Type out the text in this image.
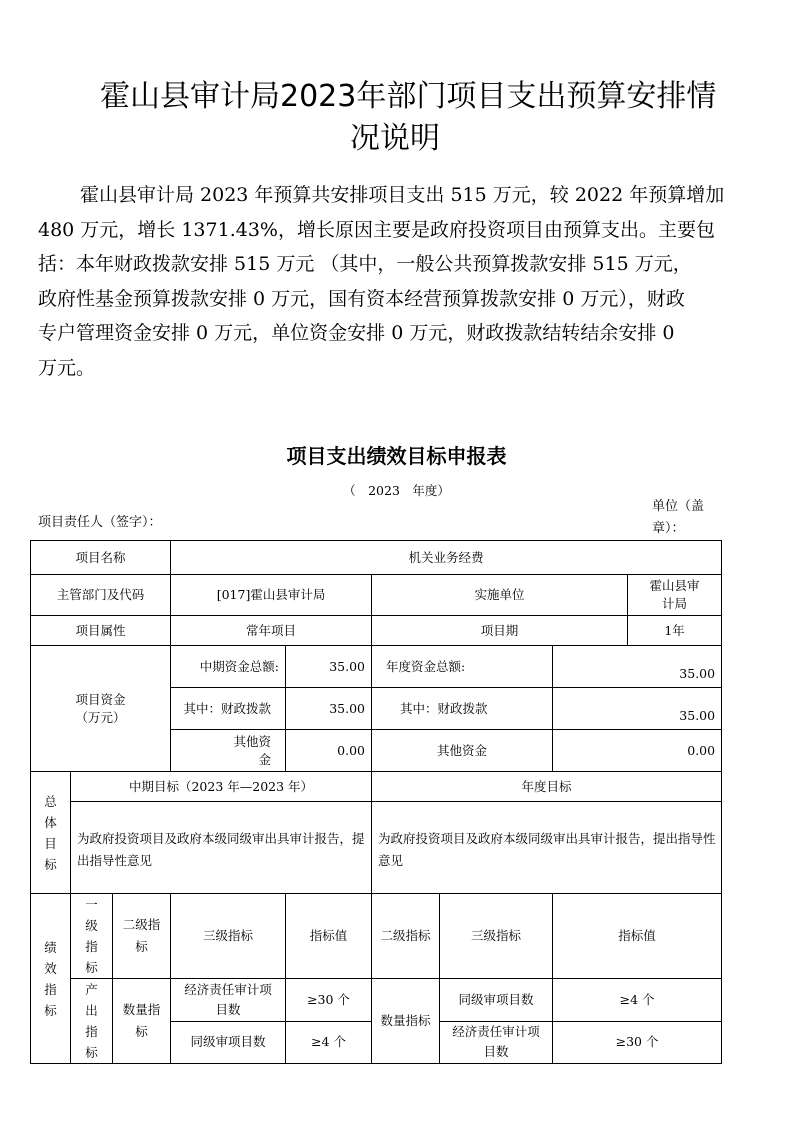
霍山县审计局2023年部门项目支出预算安排情
况说明
霍山县审计局 2023 年预算共安排项目支出 515 万元，较 2022 年预算增加
480 万元，增长 1371.43%，增长原因主要是政府投资项目由预算支出。主要包
括：本年财政拨款安排 515 万元 （其中，一般公共预算拨款安排 515 万元，
政府性基金预算拨款安排 0 万元，国有资本经营预算拨款安排 0 万元），财政
专户管理资金安排 0 万元，单位资金安排 0 万元，财政拨款结转结余安排 0
万元。
项目支出绩效目标申报表
（　2023　年度）
项目责任人（签字）：
单位（盖章）：
项目名称			机关业务经费					
主管部门及代码			[017]霍山县审计局		实施单位			霍山县审计局
项目属性			常年项目		项目期			1年
项目资金（万元）			中期资金总额:	35.00	年度资金总额:		35.00	
			其中：财政拨款	35.00	其中：财政拨款		35.00	
			其他资金	0.00	其他资金		0.00	
总体目标	中期目标（2023 年—2023 年）				年度目标			
	为政府投资项目及政府本级同级审出具审计报告，提出指导性意见				为政府投资项目及政府本级同级审出具审计报告，提出指导性意见			
绩效指标	一级指标	二级指标	三级指标	指标值	二级指标	三级指标	指标值	
	产出指标	数量指标	经济责任审计项目数	≥30 个	数量指标	同级审项目数	≥4 个	
			同级审项目数	≥4 个		经济责任审计项目数	≥30 个	
